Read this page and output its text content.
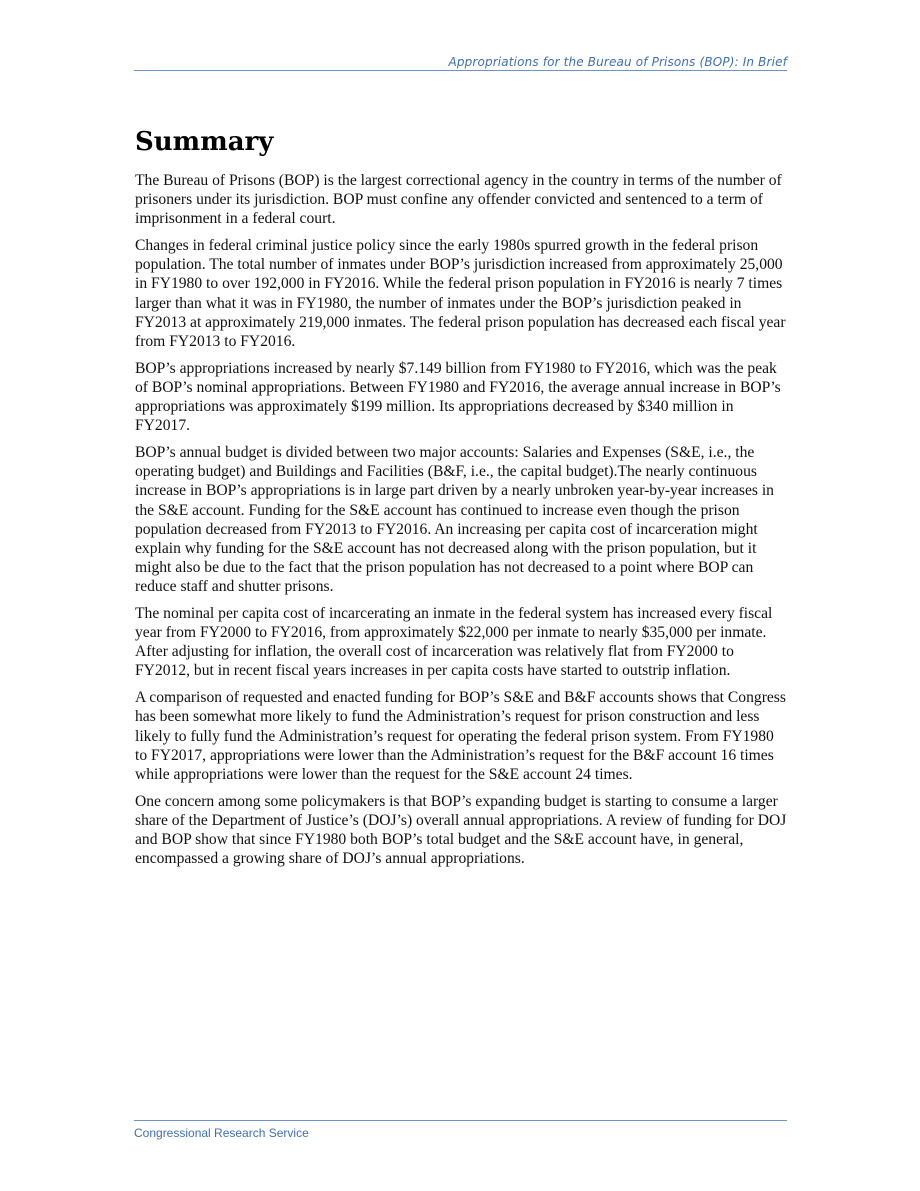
Appropriations for the Bureau of Prisons (BOP): In Brief
Summary

The Bureau of Prisons (BOP) is the largest correctional agency in the country in terms of the number of prisoners under its jurisdiction. BOP must confine any offender convicted and sentenced to a term of imprisonment in a federal court.

Changes in federal criminal justice policy since the early 1980s spurred growth in the federal prison population. The total number of inmates under BOP’s jurisdiction increased from approximately 25,000 in FY1980 to over 192,000 in FY2016. While the federal prison population in FY2016 is nearly 7 times larger than what it was in FY1980, the number of inmates under the BOP’s jurisdiction peaked in FY2013 at approximately 219,000 inmates. The federal prison population has decreased each fiscal year from FY2013 to FY2016.

BOP’s appropriations increased by nearly $7.149 billion from FY1980 to FY2016, which was the peak of BOP’s nominal appropriations. Between FY1980 and FY2016, the average annual increase in BOP’s appropriations was approximately $199 million. Its appropriations decreased by $340 million in FY2017.

BOP’s annual budget is divided between two major accounts: Salaries and Expenses (S&E, i.e., the operating budget) and Buildings and Facilities (B&F, i.e., the capital budget).The nearly continuous increase in BOP’s appropriations is in large part driven by a nearly unbroken year-by-year increases in the S&E account. Funding for the S&E account has continued to increase even though the prison population decreased from FY2013 to FY2016. An increasing per capita cost of incarceration might explain why funding for the S&E account has not decreased along with the prison population, but it might also be due to the fact that the prison population has not decreased to a point where BOP can reduce staff and shutter prisons.

The nominal per capita cost of incarcerating an inmate in the federal system has increased every fiscal year from FY2000 to FY2016, from approximately $22,000 per inmate to nearly $35,000 per inmate. After adjusting for inflation, the overall cost of incarceration was relatively flat from FY2000 to FY2012, but in recent fiscal years increases in per capita costs have started to outstrip inflation.

A comparison of requested and enacted funding for BOP’s S&E and B&F accounts shows that Congress has been somewhat more likely to fund the Administration’s request for prison construction and less likely to fully fund the Administration’s request for operating the federal prison system. From FY1980 to FY2017, appropriations were lower than the Administration’s request for the B&F account 16 times while appropriations were lower than the request for the S&E account 24 times.

One concern among some policymakers is that BOP’s expanding budget is starting to consume a larger share of the Department of Justice’s (DOJ’s) overall annual appropriations. A review of funding for DOJ and BOP show that since FY1980 both BOP’s total budget and the S&E account have, in general, encompassed a growing share of DOJ’s annual appropriations.

Congressional Research Service
